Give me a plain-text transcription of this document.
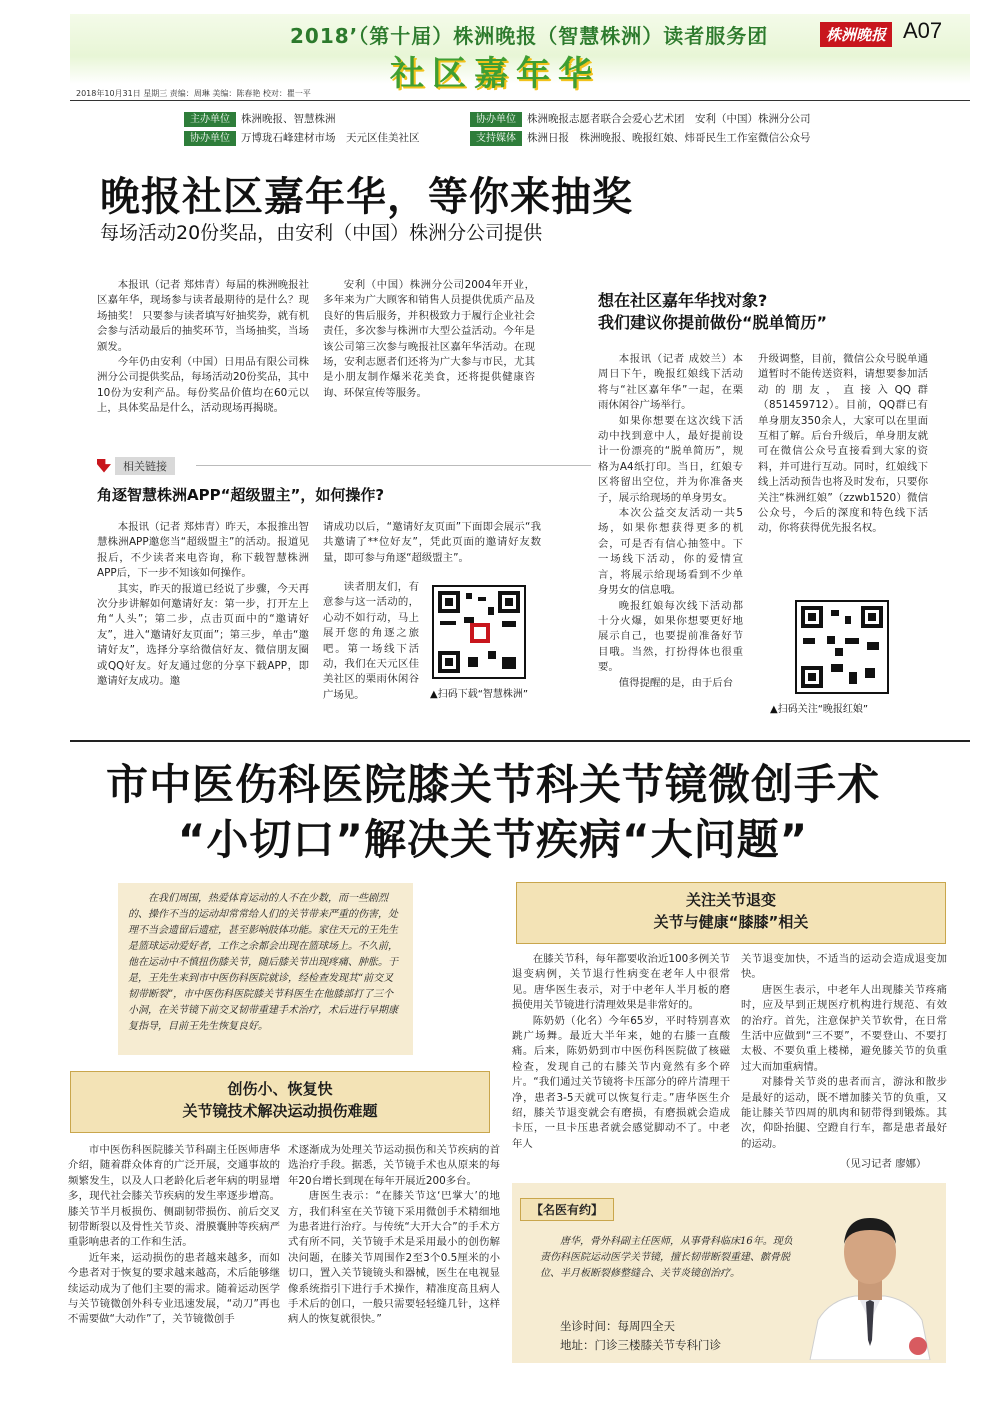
2018’（第十届）株洲晚报（智慧株洲）读者服务团
社区嘉年华
株洲晚报 A07
2018年10月31日 星期三 责编：周琳 美编：陈春艳 校对：瞿一平
主办单位 株洲晚报、智慧株洲	协办单位 株洲晚报志愿者联合会爱心艺术团　安利（中国）株洲分公司
协办单位 万博珑石峰建材市场　天元区佳美社区	支持媒体 株洲日报　株洲晚报、晚报红娘、炜哥民生工作室微信公众号
晚报社区嘉年华，等你来抽奖
每场活动20份奖品，由安利（中国）株洲分公司提供

本报讯（记者 郑炜青）每届的株洲晚报社区嘉年华，现场参与读者最期待的是什么？现场抽奖！ 只要参与读者填写好抽奖券，就有机会参与活动最后的抽奖环节，当场抽奖，当场颁发。

今年仍由安利（中国）日用品有限公司株洲分公司提供奖品，每场活动20份奖品，其中10份为安利产品。每份奖品价值均在60元以上，具体奖品是什么，活动现场再揭晓。

安利（中国）株洲分公司2004年开业，多年来为广大顾客和销售人员提供优质产品及良好的售后服务，并积极致力于履行企业社会责任，多次参与株洲市大型公益活动。今年是该公司第三次参与晚报社区嘉年华活动。在现场，安利志愿者们还将为广大参与市民，尤其是小朋友制作爆米花美食，还将提供健康咨询、环保宣传等服务。

相关链接
角逐智慧株洲APP“超级盟主”，如何操作?

本报讯（记者 郑炜青）昨天，本报推出智慧株洲APP邀您当“超级盟主”的活动。报道见报后，不少读者来电咨询，称下载智慧株洲APP后，下一步不知该如何操作。

其实，昨天的报道已经说了步骤，今天再次分步讲解如何邀请好友：第一步，打开左上角“人头”；第二步，点击页面中的“邀请好友”，进入“邀请好友页面”；第三步，单击“邀请好友”，选择分享给微信好友、微信朋友圈或QQ好友。好友通过您的分享下载APP，即邀请好友成功。邀

请成功以后，“邀请好友页面”下面即会展示“我共邀请了**位好友”，凭此页面的邀请好友数量，即可参与角逐“超级盟主”。

读者朋友们，有意参与这一活动的，心动不如行动，马上展开您的角逐之旅吧。第一场线下活动，我们在天元区佳美社区的栗雨休闲谷广场见。	▲扫码下载“智慧株洲”
想在社区嘉年华找对象?
我们建议你提前做份“脱单简历”

本报讯（记者 成姣兰）本周日下午，晚报红娘线下活动将与“社区嘉年华”一起，在栗雨休闲谷广场举行。

如果你想要在这次线下活动中找到意中人，最好提前设计一份漂亮的“脱单简历”，规格为A4纸打印。当日，红娘专区将留出空位，并为你准备夹子，展示给现场的单身男女。

本次公益交友活动一共5场，如果你想获得更多的机会，可是否有信心抽签中。下一场线下活动，你的爱情宣言，将展示给现场看到不少单身男女的信息哦。

晚报红娘每次线下活动都十分火爆，如果你想要更好地展示自己，也要提前准备好节目哦。当然，打扮得体也很重要。

值得提醒的是，由于后台

升级调整，目前，微信公众号脱单通道暂时不能传送资料，请想要参加活动的朋友，直接入QQ群（851459712）。目前，QQ群已有单身朋友350余人，大家可以在里面互相了解。后台升级后，单身朋友就可在微信公众号直接看到大家的资料，并可进行互动。同时，红娘线下线上活动预告也将及时发布，只要你关注“株洲红娘”（zzwb1520）微信公众号，今后的深度和特色线下活动，你将获得优先报名权。

▲扫码关注“晚报红娘”
市中医伤科医院膝关节科关节镜微创手术
“小切口”解决关节疾病“大问题”

在我们周围，热爱体育运动的人不在少数，而一些剧烈的、操作不当的运动却常常给人们的关节带来严重的伤害，处理不当会遗留后遗症，甚至影响肢体功能。家住天元的王先生是篮球运动爱好者，工作之余都会出现在篮球场上。不久前，他在运动中不慎扭伤膝关节，随后膝关节出现疼痛、肿胀。于是，王先生来到市中医伤科医院就诊，经检查发现其“前交叉韧带断裂”，市中医伤科医院膝关节科医生在他膝部打了三个小洞，在关节镜下前交叉韧带重建手术治疗，术后进行早期康复指导，目前王先生恢复良好。

关注关节退变
关节与健康“膝膝”相关
创伤小、恢复快
关节镜技术解决运动损伤难题

在膝关节科，每年都要收治近100多例关节退变病例，关节退行性病变在老年人中很常见。唐华医生表示，对于中老年人半月板的磨损使用关节镜进行清理效果是非常好的。

陈奶奶（化名）今年65岁，平时特别喜欢跳广场舞。最近大半年来，她的右膝一直酸痛。后来，陈奶奶到市中医伤科医院做了核磁检查，发现自己的右膝关节内竟然有多个碎片。“我们通过关节镜将卡压部分的碎片清理干净，患者3-5天就可以恢复行走。”唐华医生介绍，膝关节退变就会有磨损，有磨损就会造成卡压，一旦卡压患者就会感觉脚动不了。中老年人

关节退变加快，不适当的运动会造成退变加快。

唐医生表示，中老年人出现膝关节疼痛时，应及早到正规医疗机构进行规范、有效的治疗。首先，注意保护关节软骨，在日常生活中应做到“三不要”，不要登山、不要打太极、不要负重上楼梯，避免膝关节的负重过大而加重病情。

对膝骨关节炎的患者而言，游泳和散步是最好的运动，既不增加膝关节的负重，又能让膝关节四周的肌肉和韧带得到锻炼。其次，仰卧抬腿、空蹬自行车，都是患者最好的运动。

（见习记者 廖娜）

市中医伤科医院膝关节科副主任医师唐华介绍，随着群众体育的广泛开展，交通事故的频繁发生，以及人口老龄化后老年病的明显增多，现代社会膝关节疾病的发生率逐步增高。膝关节半月板损伤、侧副韧带损伤、前后交叉韧带断裂以及骨性关节炎、滑膜囊肿等疾病严重影响患者的工作和生活。

近年来，运动损伤的患者越来越多，而如今患者对于恢复的要求越来越高，术后能够继续运动成为了他们主要的需求。随着运动医学与关节镜微创外科专业迅速发展，“动刀”再也不需要做“大动作”了，关节镜微创手

术逐渐成为处理关节运动损伤和关节疾病的首选治疗手段。据悉，关节镜手术也从原来的每年20台增长到现在每年开展近200多台。

唐医生表示：“在膝关节这‘巴掌大’的地方，我们科室在关节镜下采用微创手术精细地为患者进行治疗。与传统“大开大合”的手术方式有所不同，关节镜手术是采用最小的创伤解决问题，在膝关节周围作2至3个0.5厘米的小切口，置入关节镜镜头和器械，医生在电视显像系统指引下进行手术操作，精准度高且病人手术后的创口，一般只需要轻轻缝几针，这样病人的恢复就很快。”

【名医有约】

唐华，骨外科副主任医师，从事骨科临床16年。现负责伤科医院运动医学关节镜，擅长韧带断裂重建、髌骨脱位、半月板断裂修整缝合、关节炎镜创治疗。

坐诊时间：每周四全天
地址：门诊三楼膝关节专科门诊
